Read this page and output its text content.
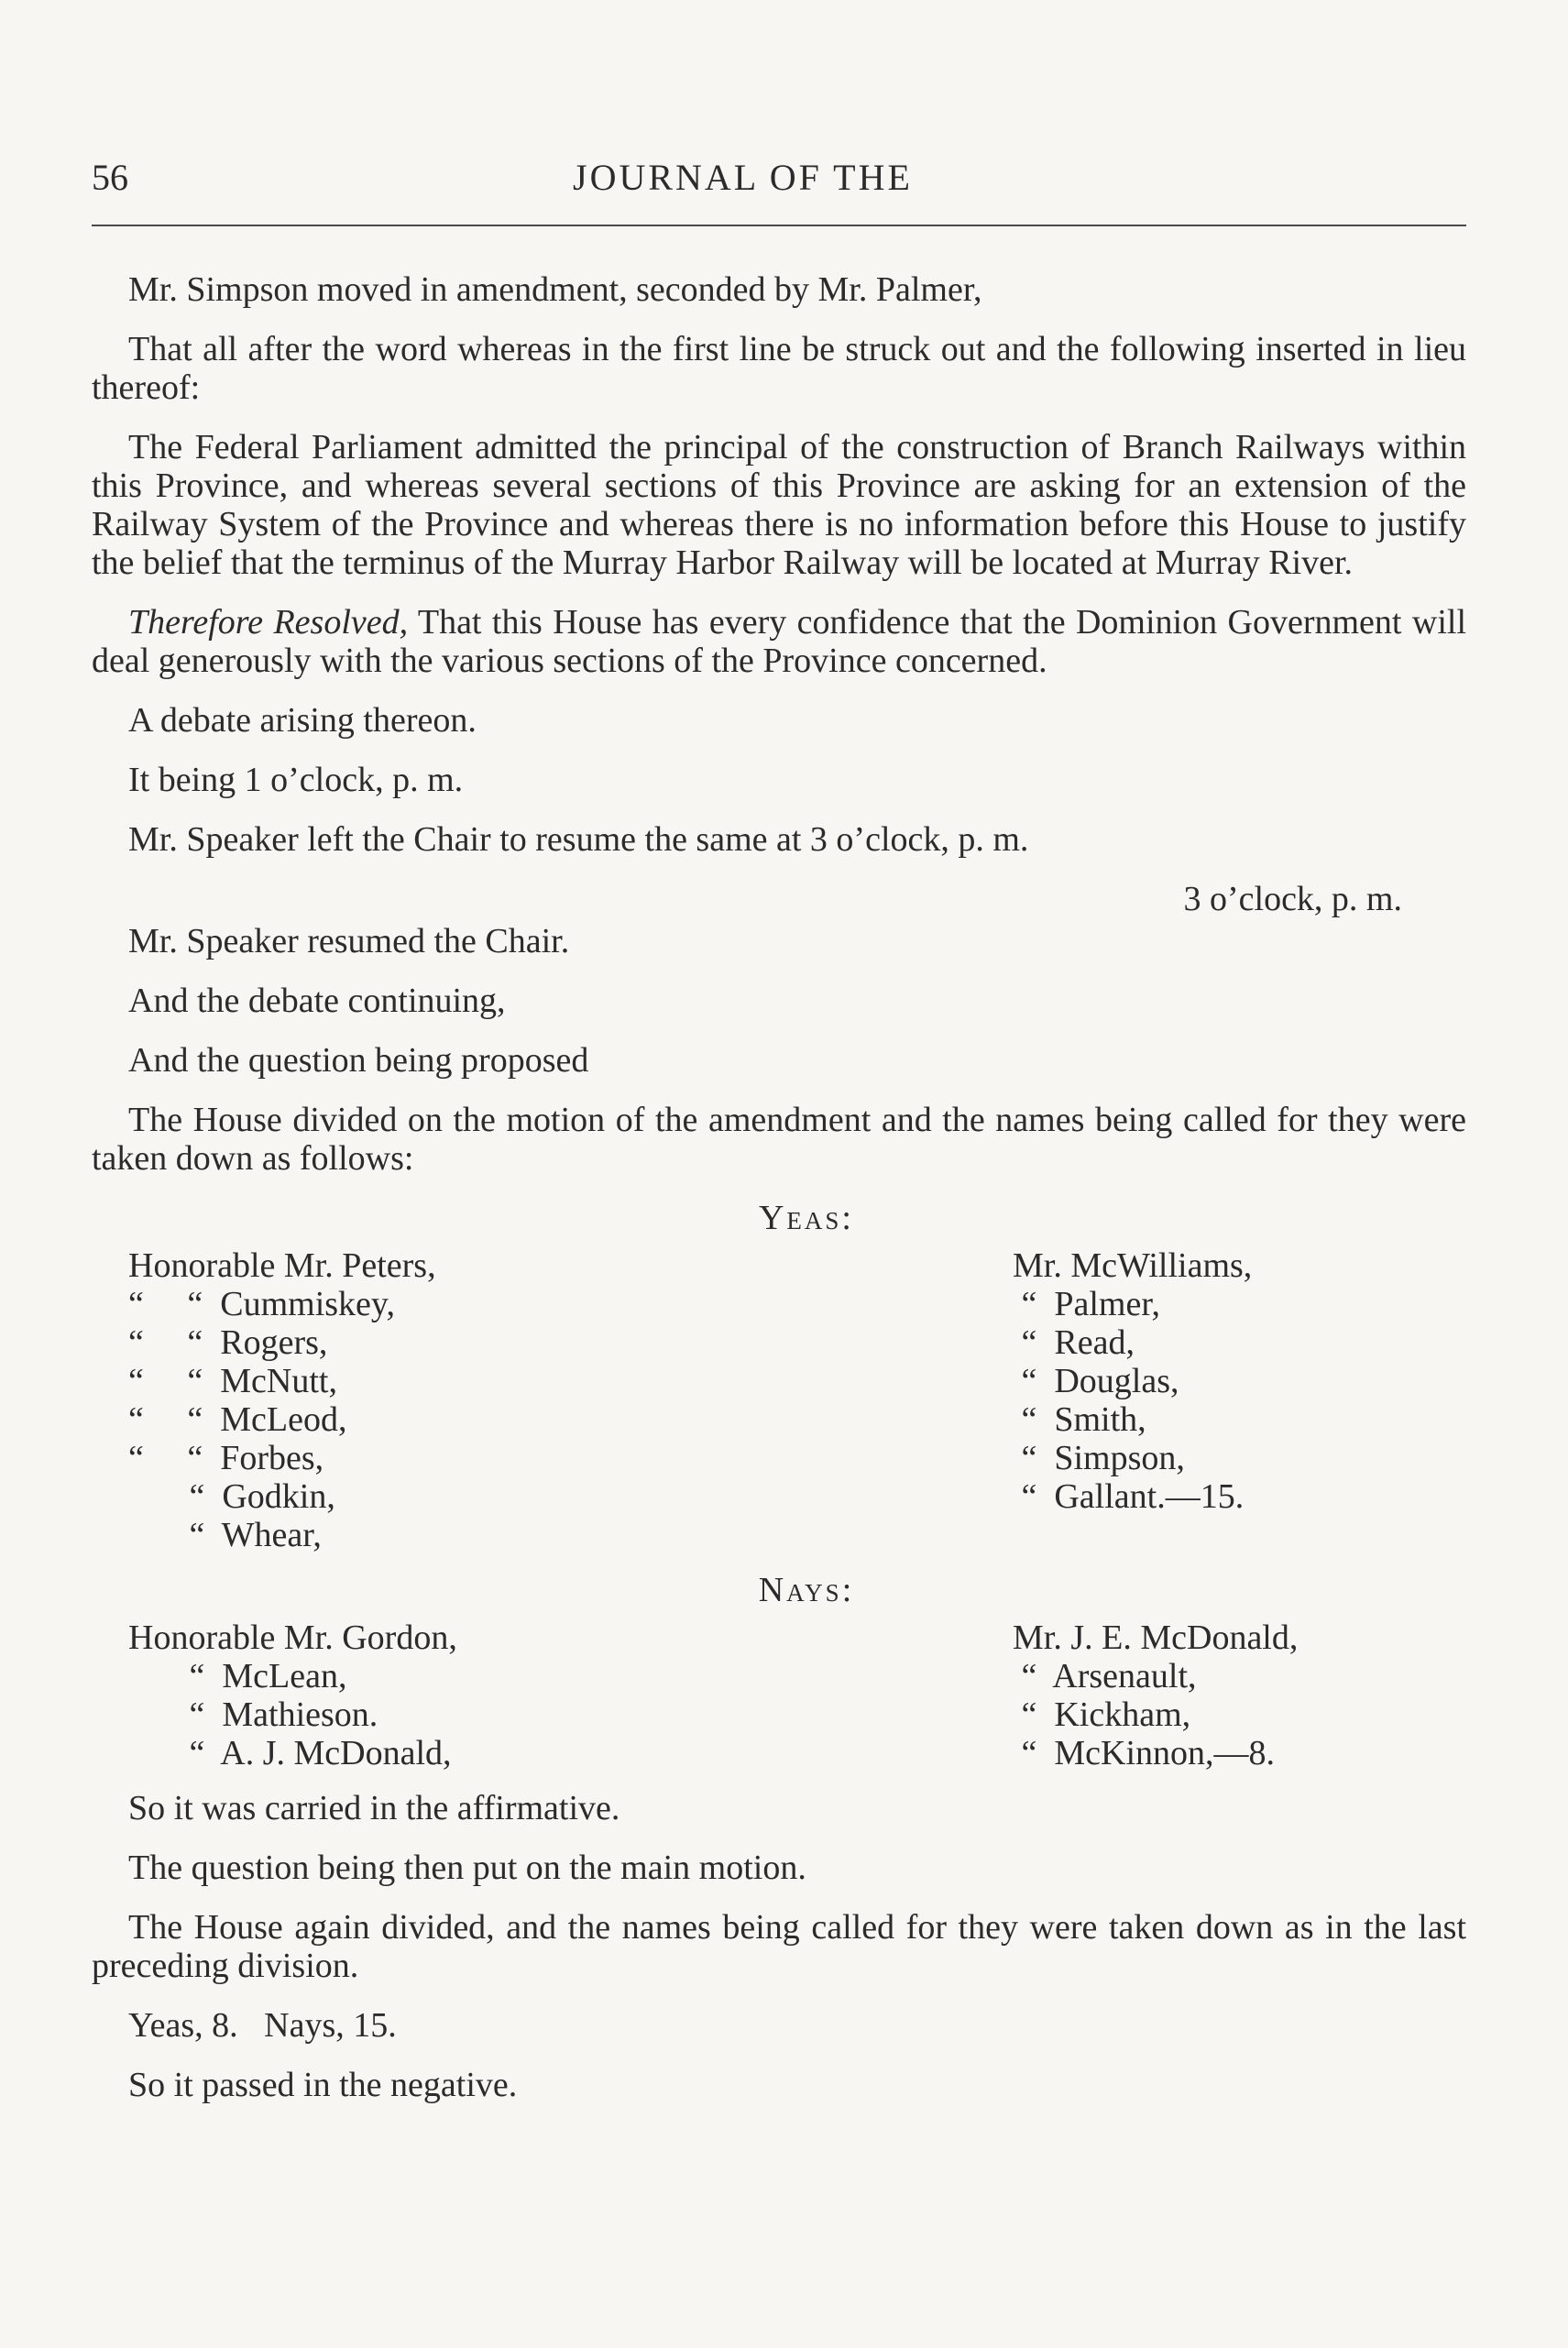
56	JOURNAL OF THE

Mr. Simpson moved in amendment, seconded by Mr. Palmer,

That all after the word whereas in the first line be struck out and the following inserted in lieu thereof:

The Federal Parliament admitted the principal of the construction of Branch Railways within this Province, and whereas several sections of this Province are asking for an extension of the Railway System of the Province and whereas there is no information before this House to justify the belief that the terminus of the Murray Harbor Railway will be located at Murray River.

Therefore Resolved, That this House has every confidence that the Dominion Government will deal generously with the various sections of the Province concerned.

A debate arising thereon.

It being 1 o’clock, p. m.

Mr. Speaker left the Chair to resume the same at 3 o’clock, p. m.

3 o’clock, p. m.

Mr. Speaker resumed the Chair.

And the debate continuing,

And the question being proposed

The House divided on the motion of the amendment and the names being called for they were taken down as follows:

Yeas:
Honorable Mr. Peters,
“     “  Cummiskey,
“     “  Rogers,
“     “  McNutt,
“     “  McLeod,
“     “  Forbes,
“  Godkin,
“  Whear,
Mr. McWilliams,
“  Palmer,
“  Read,
“  Douglas,
“  Smith,
“  Simpson,
“  Gallant.—15.
Nays:
Honorable Mr. Gordon,
“  McLean,
“  Mathieson.
“  A. J. McDonald,
Mr. J. E. McDonald,
“  Arsenault,
“  Kickham,
“  McKinnon,—8.

So it was carried in the affirmative.

The question being then put on the main motion.

The House again divided, and the names being called for they were taken down as in the last preceding division.

Yeas, 8.   Nays, 15.

So it passed in the negative.
